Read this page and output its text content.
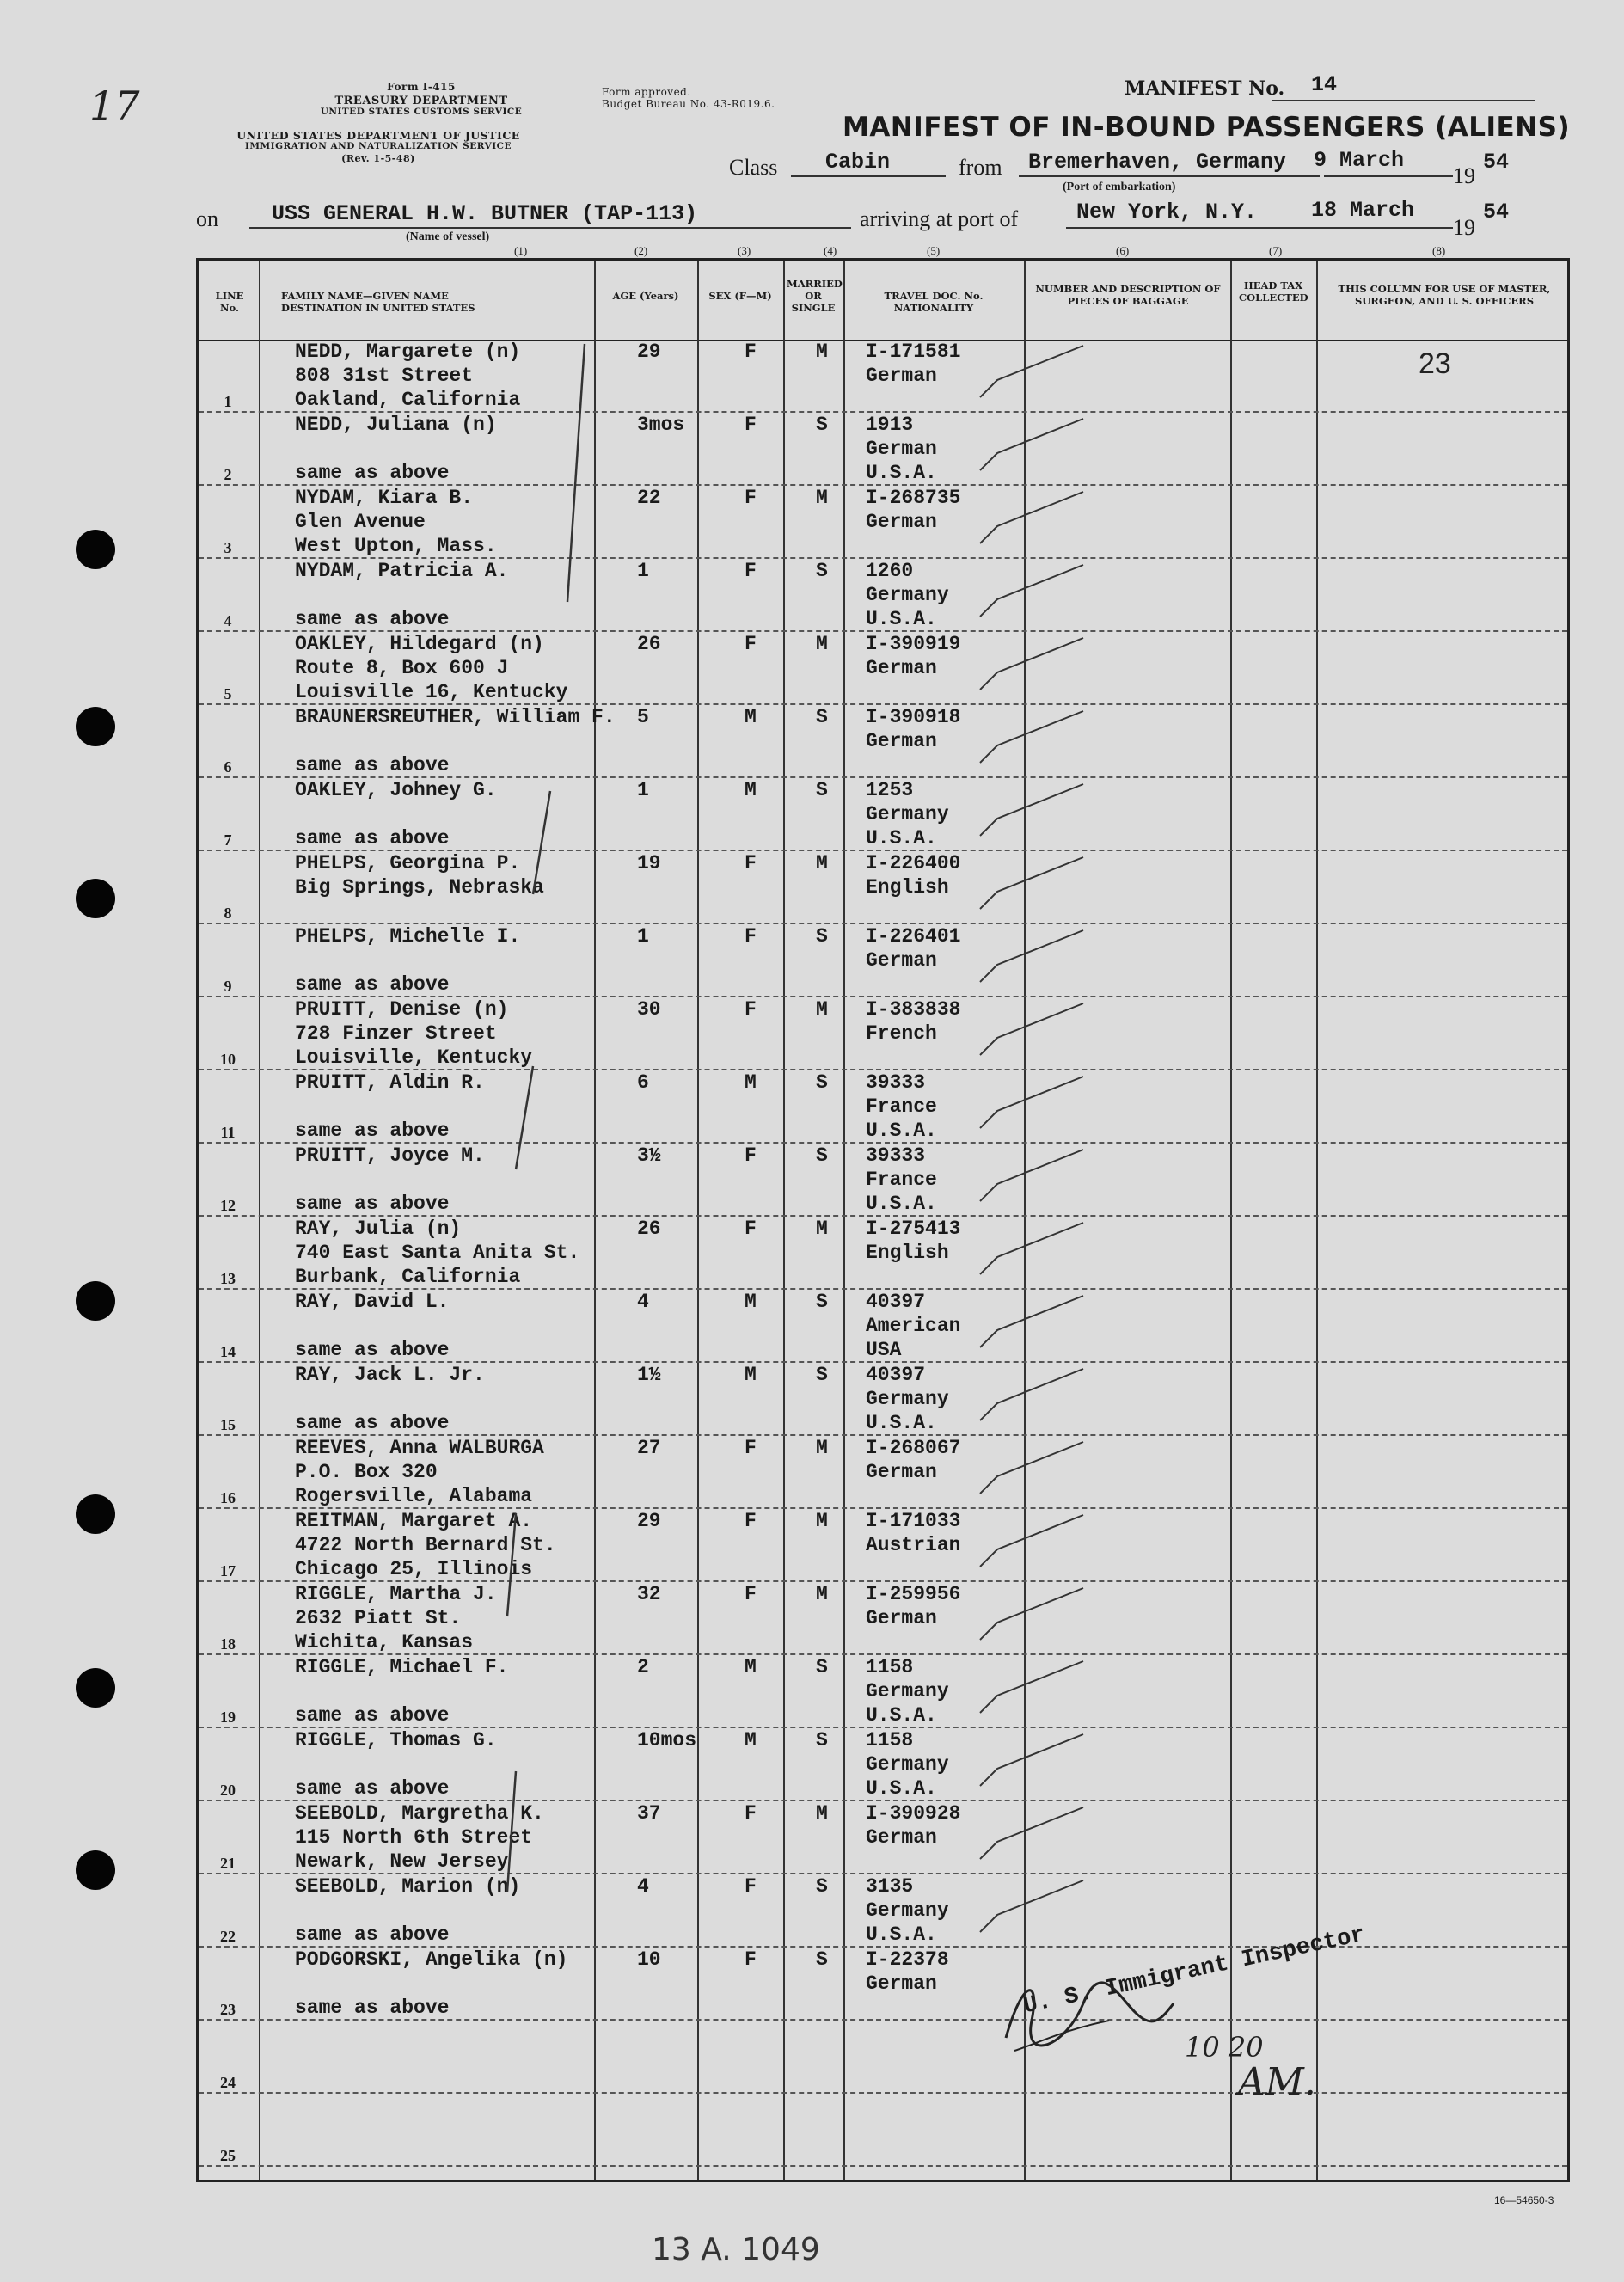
17	Form I-415
TREASURY DEPARTMENT
UNITED STATES CUSTOMS SERVICE
UNITED STATES DEPARTMENT OF JUSTICE
IMMIGRATION AND NATURALIZATION SERVICE
(Rev. 1-5-48)
Form approved.
Budget Bureau No. 43-R019.6.
MANIFEST No. 14
MANIFEST OF IN-BOUND PASSENGERS (ALIENS)
Class Cabin	from Bremerhaven, Germany
(Port of embarkation)
9 March
19
54
on USS GENERAL H.W. BUTNER (TAP-113)
(Name of vessel)
arriving at port of	New York, N.Y.	18 March
19
54
(1)	(2)	(3)	(4)	(5)	(6)	(7)	(8)
LINE No.
FAMILY NAME—GIVEN NAME DESTINATION IN UNITED STATES
AGE (Years)	SEX (F—M)
MARRIED OR SINGLE
TRAVEL DOC. No. NATIONALITY
NUMBER AND DESCRIPTION OF PIECES OF BAGGAGE
HEAD TAX COLLECTED
THIS COLUMN FOR USE OF MASTER, SURGEON, AND U. S. OFFICERS
1
NEDD, Margarete (n)
808 31st Street
Oakland, California
29	F	M I-171581
German
2
NEDD, Juliana (n)
same as above
3mos	F	S 1913
German
U.S.A.
3
NYDAM, Kiara B.
Glen Avenue
West Upton, Mass.
22	F	M I-268735
German
4
NYDAM, Patricia A.
same as above
1	F	S 1260
Germany
U.S.A.
5
OAKLEY, Hildegard (n)
Route 8, Box 600 J
Louisville 16, Kentucky
26	F	M I-390919
German
6
BRAUNERSREUTHER, William F.
same as above
5	M	S I-390918
German
7
OAKLEY, Johney G.
same as above
1	M	S 1253
Germany
U.S.A.
8
PHELPS, Georgina P.
Big Springs, Nebraska
19	F	M I-226400
English
9
PHELPS, Michelle I.
same as above
1	F	S I-226401
German
10
PRUITT, Denise (n)
728 Finzer Street
Louisville, Kentucky
30	F	M I-383838
French
11
PRUITT, Aldin R.
same as above
6	M	S 39333
France
U.S.A.
12
PRUITT, Joyce M.
same as above
3½	F	S 39333
France
U.S.A.
13
RAY, Julia (n)
740 East Santa Anita St.
Burbank, California
26	F	M I-275413
English
14
RAY, David L.
same as above
4	M	S 40397
American
USA
15
RAY, Jack L. Jr.
same as above
1½	M	S 40397
Germany
U.S.A.
16
REEVES, Anna WALBURGA
P.O. Box 320
Rogersville, Alabama
27	F	M I-268067
German
17
REITMAN, Margaret A.
4722 North Bernard St.
Chicago 25, Illinois
29	F	M I-171033
Austrian
18
RIGGLE, Martha J.
2632 Piatt St.
Wichita, Kansas
32	F	M I-259956
German
19
RIGGLE, Michael F.
same as above
2	M	S 1158
Germany
U.S.A.
20
RIGGLE, Thomas G.
same as above
10mos M	S 1158
Germany
U.S.A.
21
SEEBOLD, Margretha K.
115 North 6th Street
Newark, New Jersey
37	F	M I-390928
German
22
SEEBOLD, Marion (n)
same as above
4	F	S 3135
Germany
U.S.A.
23
PODGORSKI, Angelika (n)
same as above
10	F	S I-22378
German
24
25
23
U. S. Immigrant Inspector
10 20
AM.
13 A. 1049
16—54650-3
